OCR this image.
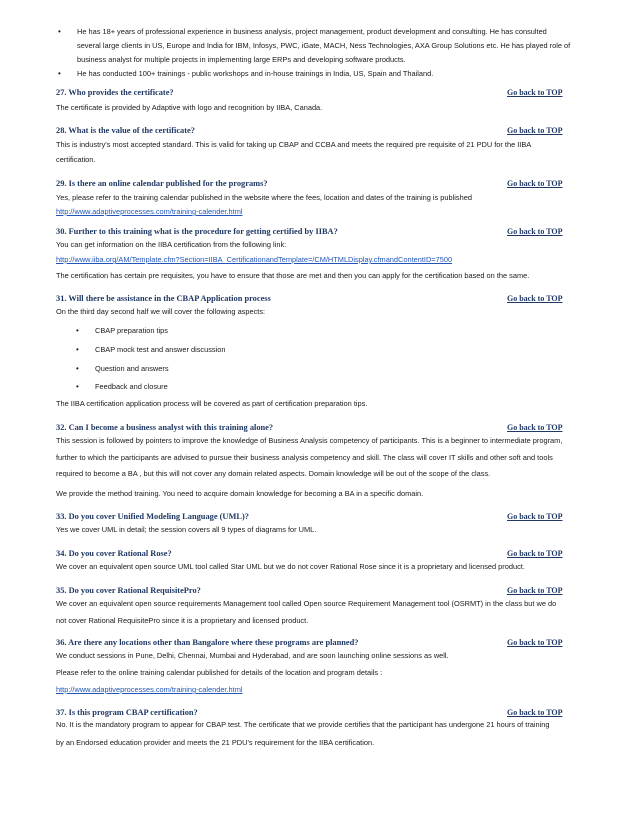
• He has 18+ years of professional experience in business analysis, project management, product development and consulting. He has consulted
several large clients in US, Europe and India for IBM, Infosys, PWC, iGate, MACH, Ness Technologies, AXA Group Solutions etc. He has played role of
business analyst for multiple projects in implementing large ERPs and developing software products.
• He has conducted 100+ trainings - public workshops and in-house trainings in India, US, Spain and Thailand.
27. Who provides the certificate?	Go back to TOP
The certificate is provided by Adaptive with logo and recognition by IIBA, Canada.
28. What is the value of the certificate?	Go back to TOP
This is industry's most accepted standard. This is valid for taking up CBAP and CCBA and meets the required pre requisite of 21 PDU for the IIBA
certification.
29. Is there an online calendar published for the programs?	Go back to TOP
Yes, please refer to the training calendar published in the website where the fees, location and dates of the training is published
http://www.adaptiveprocesses.com/training-calender.html
30. Further to this training what is the procedure for getting certified by IIBA?	Go back to TOP
You can get information on the IIBA certification from the following link:
http://www.iiba.org/AM/Template.cfm?Section=IIBA_CertificationandTemplate=/CM/HTMLDisplay.cfmandContentID=7500
The certification has certain pre requisites, you have to ensure that those are met and then you can apply for the certification based on the same.
31. Will there be assistance in the CBAP Application process	Go back to TOP
On the third day second half we will cover the following aspects:
• CBAP preparation tips
• CBAP mock test and answer discussion
• Question and answers
• Feedback and closure
The IIBA certification application process will be covered as part of certification preparation tips.
32. Can I become a business analyst with this training alone?	Go back to TOP
This session is followed by pointers to improve the knowledge of Business Analysis competency of participants. This is a beginner to intermediate program,
further to which the participants are advised to pursue their business analysis competency and skill. The class will cover IT skills and other soft and tools
required to become a BA , but this will not cover any domain related aspects. Domain knowledge will be out of the scope of the class.
We provide the method training. You need to acquire domain knowledge for becoming a BA in a specific domain.
33. Do you cover Unified Modeling Language (UML)?	Go back to TOP
Yes we cover UML in detail; the session covers all 9 types of diagrams for UML.
34. Do you cover Rational Rose?	Go back to TOP
We cover an equivalent open source UML tool called Star UML but we do not cover Rational Rose since it is a proprietary and licensed product.
35. Do you cover Rational RequisitePro?	Go back to TOP
We cover an equivalent open source requirements Management tool called Open source Requirement Management tool (OSRMT) in the class but we do
not cover Rational RequisitePro since it is a proprietary and licensed product.
36. Are there any locations other than Bangalore where these programs are planned?	Go back to TOP
We conduct sessions in Pune, Delhi, Chennai, Mumbai and Hyderabad, and are soon launching online sessions as well.
Please refer to the online training calendar published for details of the location and program details :
http://www.adaptiveprocesses.com/training-calender.html
37. Is this program CBAP certification?	Go back to TOP
No. It is the mandatory program to appear for CBAP test. The certificate that we provide certifies that the participant has undergone 21 hours of training
by an Endorsed education provider and meets the 21 PDU's requirement for the IIBA certification.
